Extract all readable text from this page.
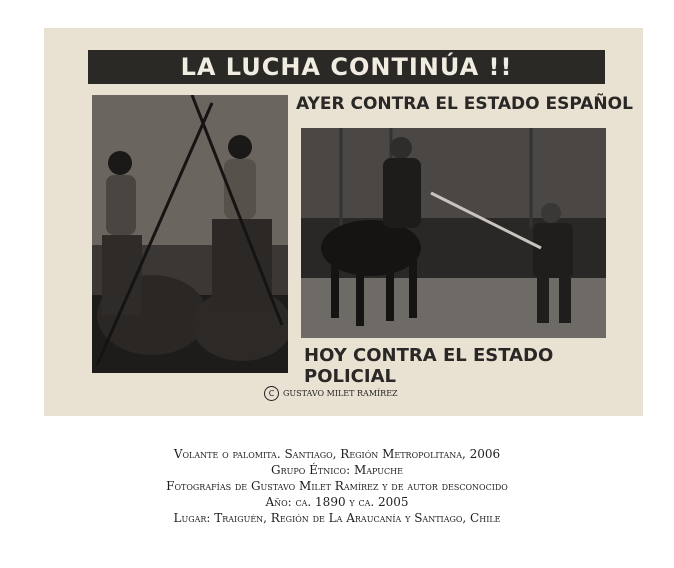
LA LUCHA CONTINÚA !!
AYER CONTRA EL ESTADO ESPAÑOL
HOY CONTRA EL ESTADO POLICIAL
C	GUSTAVO MILET RAMÍREZ
Volante o palomita. Santiago, Región Metropolitana, 2006
Grupo Étnico: Mapuche
Fotografías de Gustavo Milet Ramírez y de autor desconocido
Año: ca. 1890 y ca. 2005
Lugar: Traiguén, Región de La Araucanía y Santiago, Chile
